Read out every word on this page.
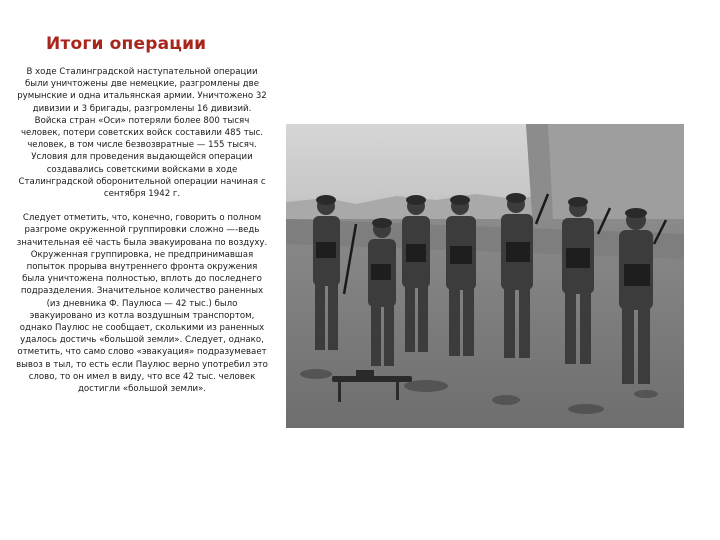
Итоги операции

В ходе Сталинградской наступательной операции были уничтожены две немецкие, разгромлены две румынские и одна итальянская армии. Уничтожено 32 дивизии и 3 бригады, разгромлены 16 дивизий. Войска стран «Оси» потеряли более 800 тысяч человек, потери советских войск составили 485 тыс. человек, в том числе безвозвратные — 155 тысяч. Условия для проведения выдающейся операции создавались советскими войсками в ходе Сталинградской оборонительной операции начиная с сентября 1942 г.

Следует отметить, что, конечно, говорить о полном разгроме окруженной группировки сложно —-ведь значительная её часть была эвакуирована по воздуху. Окруженная группировка, не предпринимавшая попыток прорыва внутреннего фронта окружения была уничтожена полностью, вплоть до последнего подразделения. Значительное количество раненных (из дневника Ф. Паулюса — 42 тыс.) было эвакуировано из котла воздушным транспортом, однако Паулюс не сообщает, сколькими из раненных удалось достичь «большой земли». Следует, однако, отметить, что само слово «эвакуация» подразумевает вывоз в тыл, то есть если Паулюс верно употребил это слово, то он имел в виду, что все 42 тыс. человек достигли «большой земли».
